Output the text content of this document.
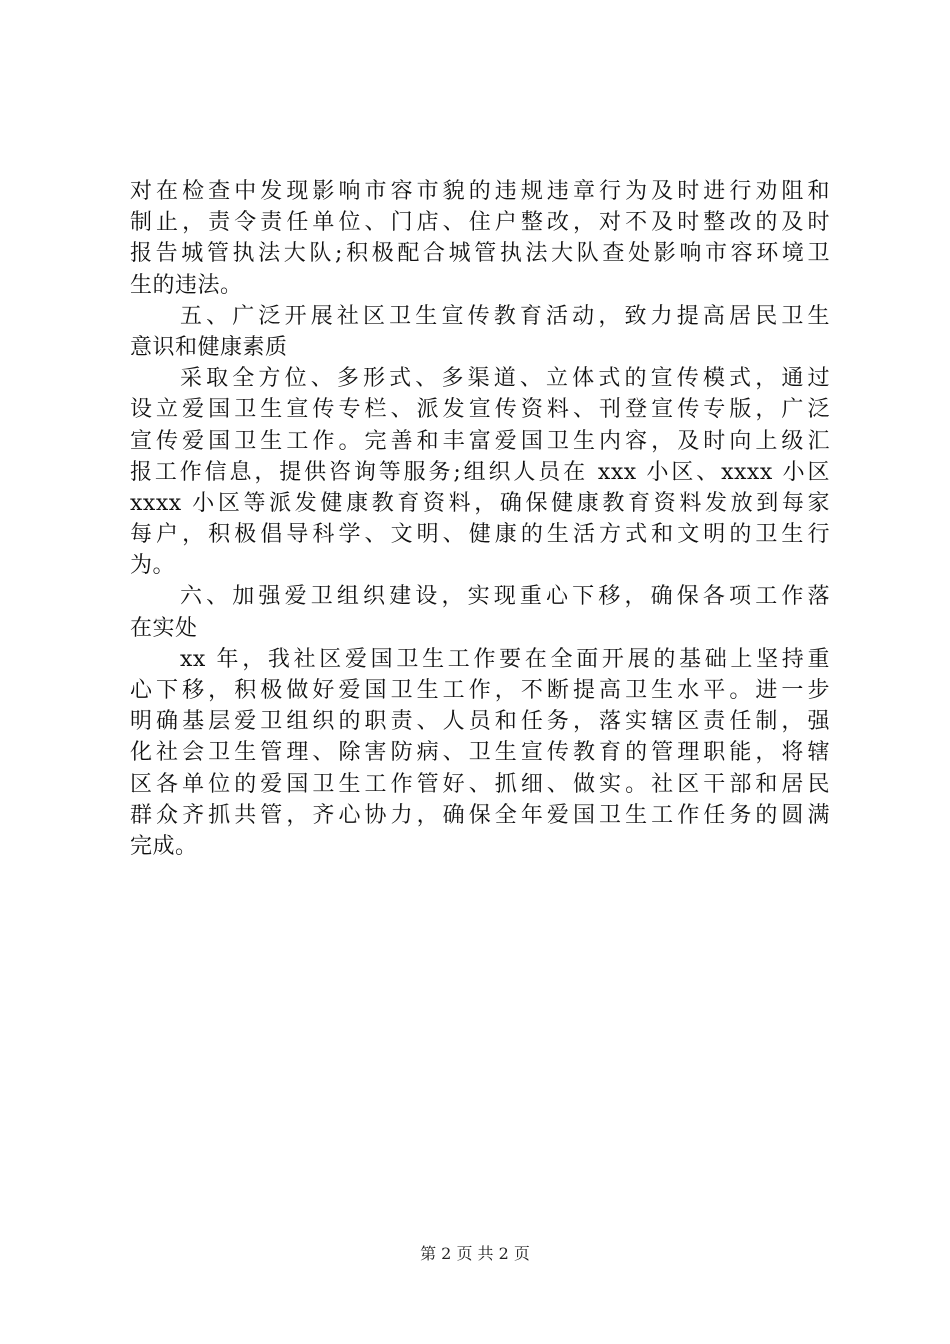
对在检查中发现影响市容市貌的违规违章行为及时进行劝阻和
制止，责令责任单位、门店、住户整改，对不及时整改的及时
报告城管执法大队;积极配合城管执法大队查处影响市容环境卫
生的违法。
五、广泛开展社区卫生宣传教育活动，致力提高居民卫生
意识和健康素质
采取全方位、多形式、多渠道、立体式的宣传模式，通过
设立爱国卫生宣传专栏、派发宣传资料、刊登宣传专版，广泛
宣传爱国卫生工作。完善和丰富爱国卫生内容，及时向上级汇
报工作信息，提供咨询等服务;组织人员在 xxx 小区、xxxx 小区
xxxx 小区等派发健康教育资料，确保健康教育资料发放到每家
每户，积极倡导科学、文明、健康的生活方式和文明的卫生行
为。
六、加强爱卫组织建设，实现重心下移，确保各项工作落
在实处
xx 年，我社区爱国卫生工作要在全面开展的基础上坚持重
心下移，积极做好爱国卫生工作，不断提高卫生水平。进一步
明确基层爱卫组织的职责、人员和任务，落实辖区责任制，强
化社会卫生管理、除害防病、卫生宣传教育的管理职能，将辖
区各单位的爱国卫生工作管好、抓细、做实。社区干部和居民
群众齐抓共管，齐心协力，确保全年爱国卫生工作任务的圆满
完成。
第 2 页 共 2 页
